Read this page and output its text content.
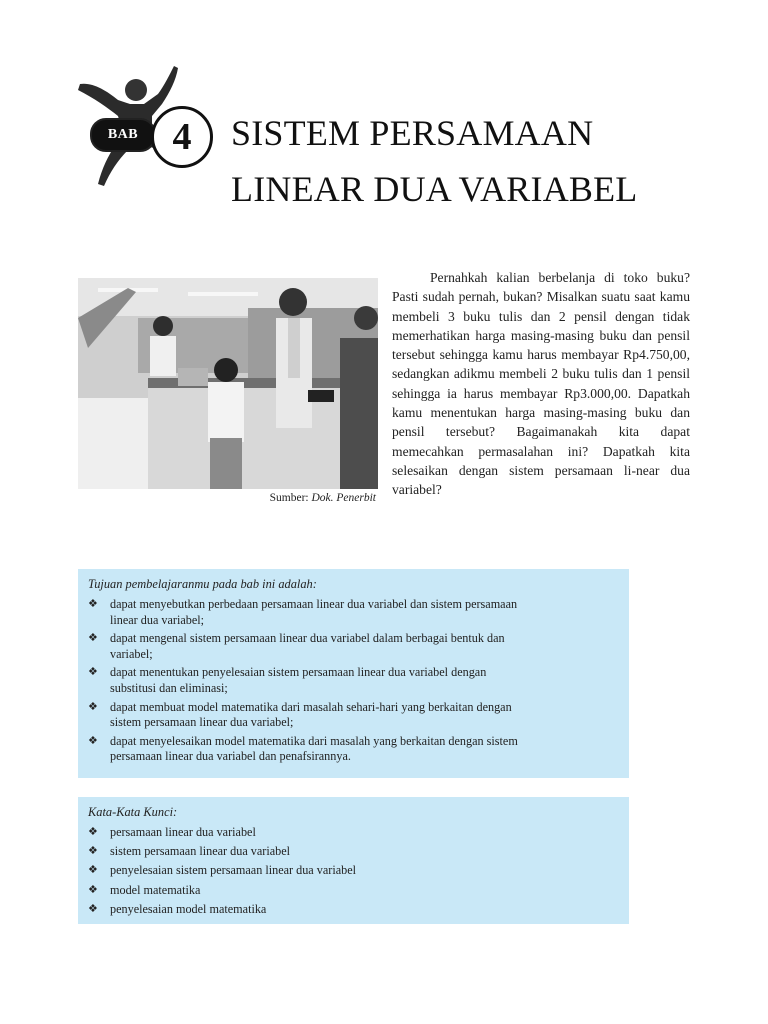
BAB 4	SISTEM PERSAMAAN
LINEAR DUA VARIABEL
Sumber: Dok. Penerbit
Pernahkah kalian berbelanja di toko buku? Pasti sudah pernah, bukan? Misalkan suatu saat kamu membeli 3 buku tulis dan 2 pensil dengan tidak memerhatikan harga masing-masing buku dan pensil tersebut sehingga kamu harus membayar Rp4.750,00, sedangkan adikmu membeli 2 buku tulis dan 1 pensil sehingga ia harus membayar Rp3.000,00. Dapatkah kamu menentukan harga masing-masing buku dan pensil tersebut? Bagaimanakah kita dapat memecahkan permasalahan ini? Dapatkah kita selesaikan dengan sistem persamaan li-near dua variabel?
Tujuan pembelajaranmu pada bab ini adalah:
❖ dapat menyebutkan perbedaan persamaan linear dua variabel dan sistem persamaan linear dua variabel;
❖ dapat mengenal sistem persamaan linear dua variabel dalam berbagai bentuk dan variabel;
❖ dapat menentukan penyelesaian sistem persamaan linear dua variabel dengan substitusi dan eliminasi;
❖ dapat membuat model matematika dari masalah sehari-hari yang berkaitan dengan sistem persamaan linear dua variabel;
❖ dapat menyelesaikan model matematika dari masalah yang berkaitan dengan sistem persamaan linear dua variabel dan penafsirannya.
Kata-Kata Kunci:
❖ persamaan linear dua variabel
❖ sistem persamaan linear dua variabel
❖ penyelesaian sistem persamaan linear dua variabel
❖ model matematika
❖ penyelesaian model matematika
